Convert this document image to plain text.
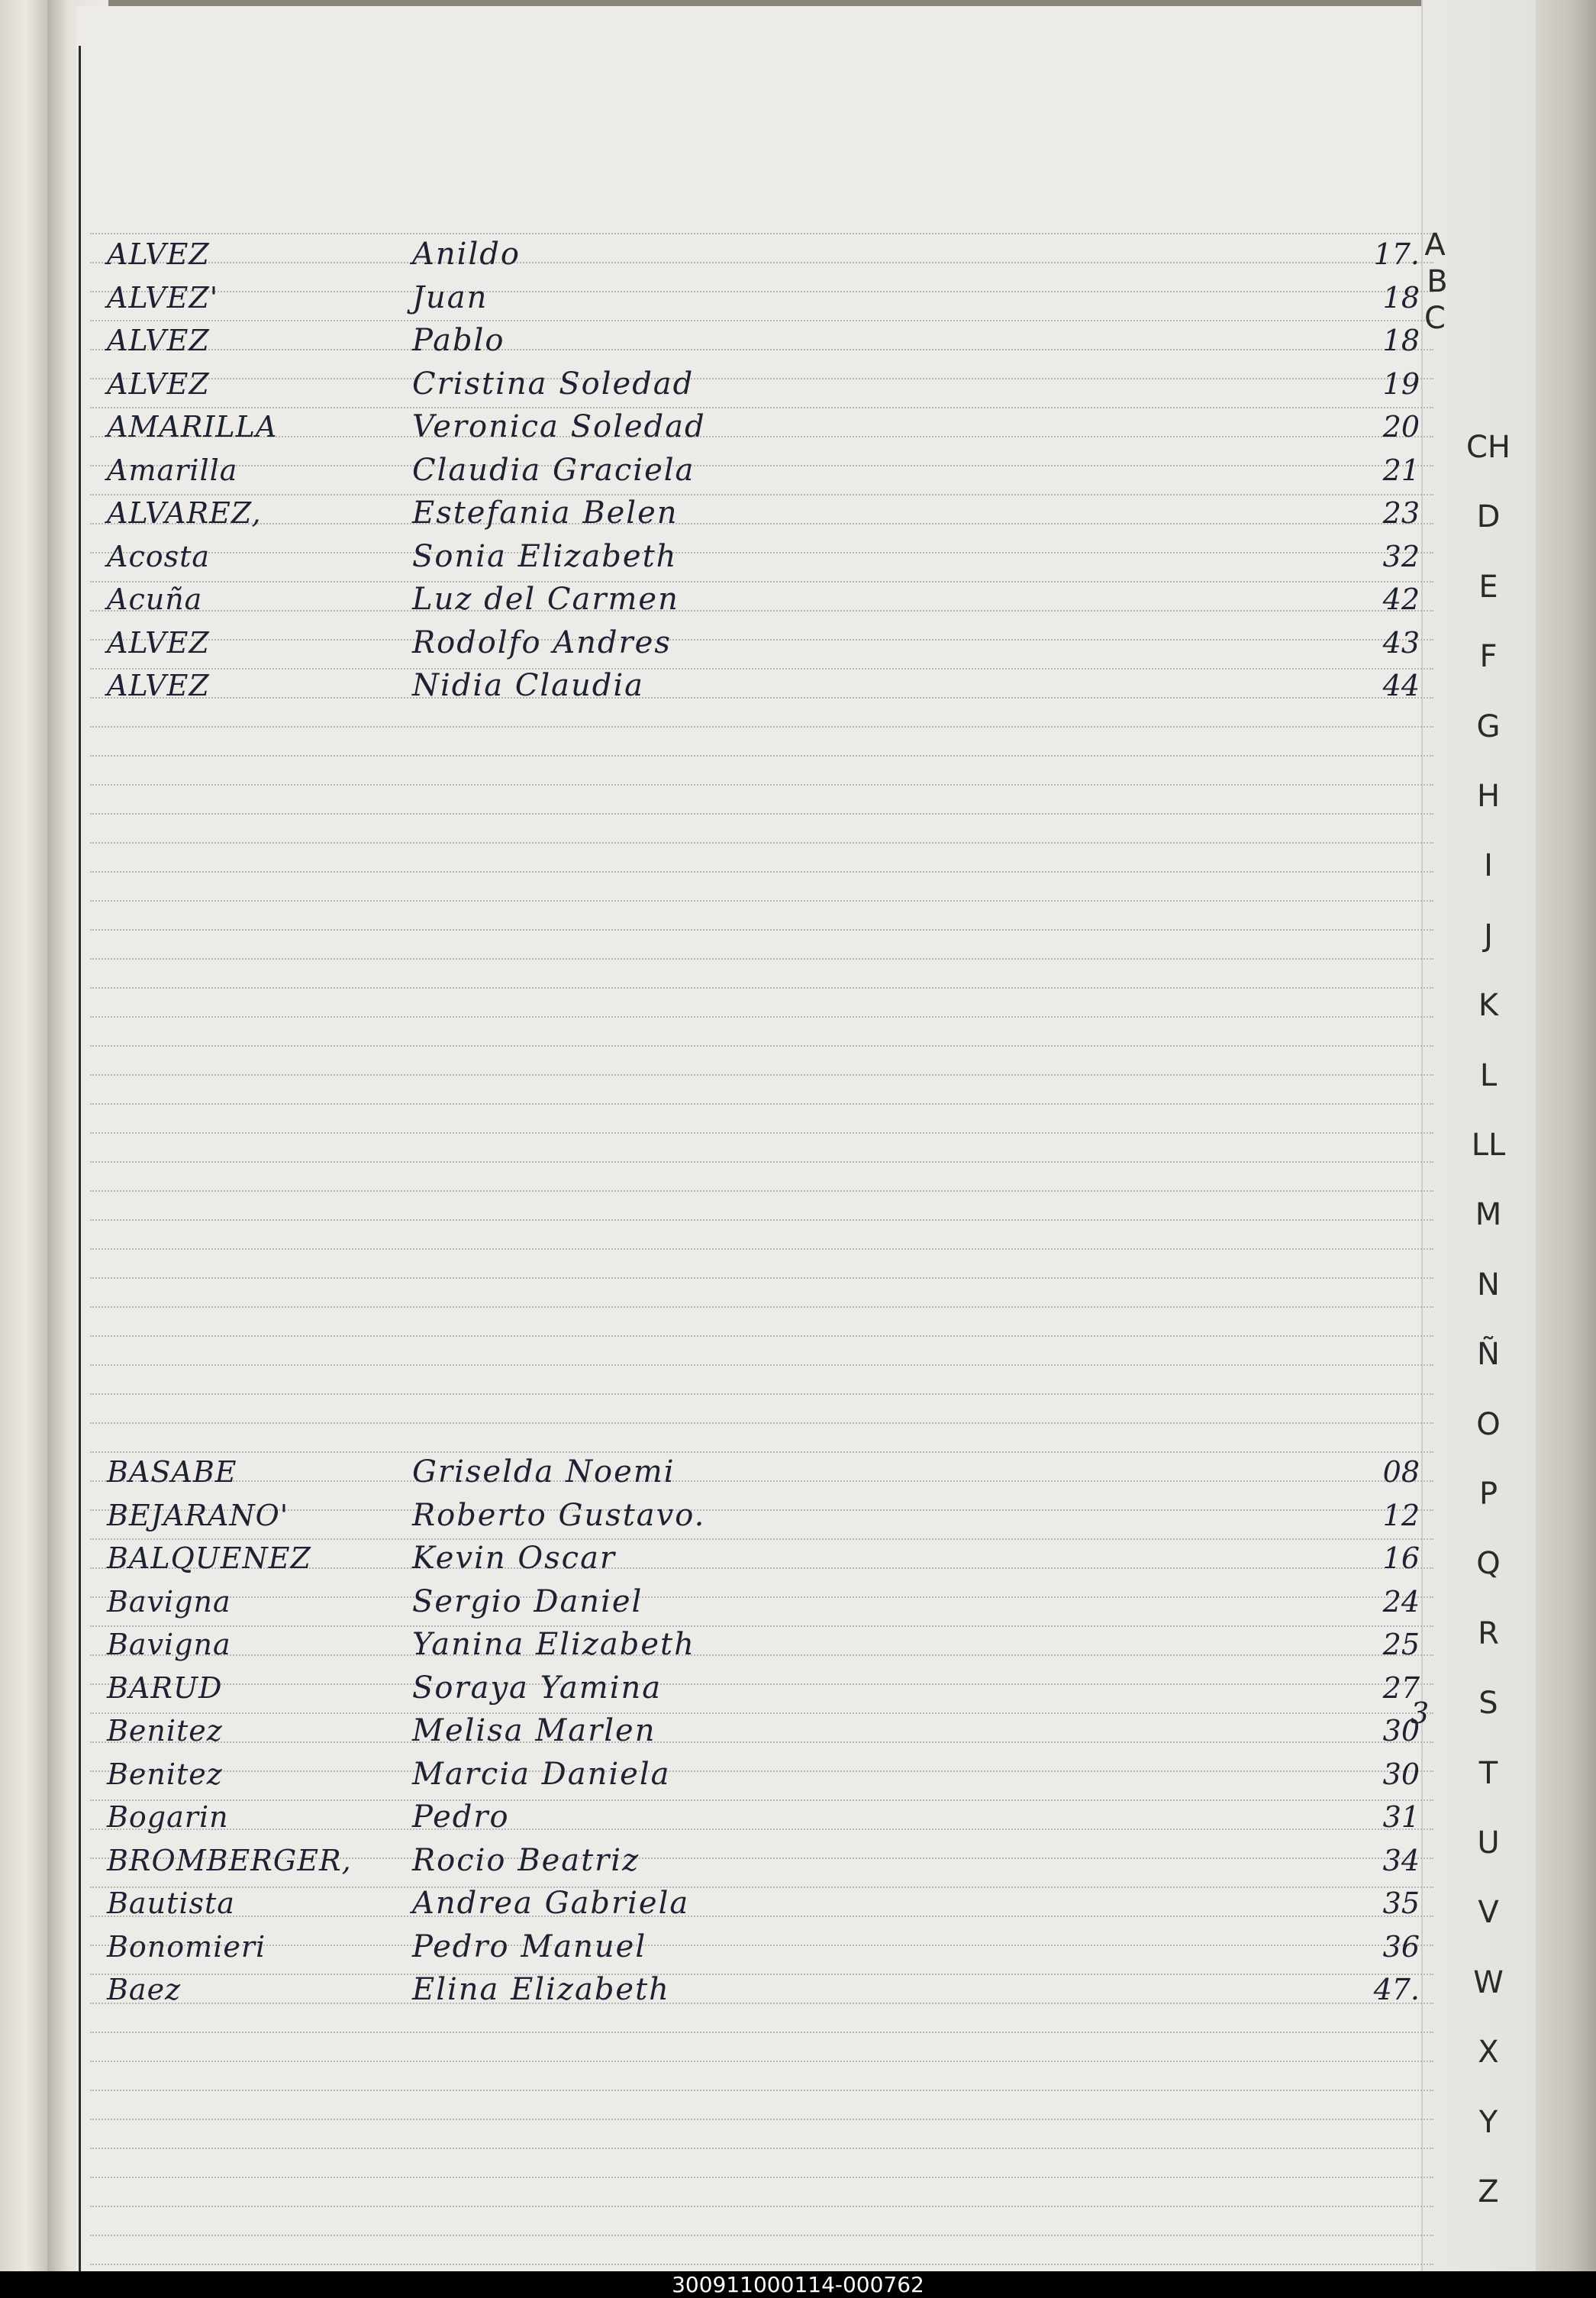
ALVEZ	Anildo	17.
ALVEZ'	Juan	18
ALVEZ	Pablo	18
ALVEZ	Cristina Soledad	19
AMARILLA	Veronica Soledad	20
Amarilla	Claudia Graciela	21
ALVAREZ,	Estefania Belen	23
Acosta	Sonia Elizabeth	32
Acuña	Luz del Carmen	42
ALVEZ	Rodolfo Andres	43
ALVEZ	Nidia Claudia	44
BASABE	Griselda Noemi	08
BEJARANO'	Roberto Gustavo.	12
BALQUENEZ	Kevin Oscar	16
Bavigna	Sergio Daniel	24
Bavigna	Yanina Elizabeth	25
BARUD	Soraya Yamina	27
Benitez	Melisa Marlen	30
Benitez	Marcia Daniela	30
Bogarin	Pedro	31
BROMBERGER, Rocio Beatriz	34
Bautista	Andrea Gabriela	35
Bonomieri	Pedro Manuel	36
Baez	Elina Elizabeth	47.
3
A
B
C
CH
D
E
F
G
H
I
J
K
L
LL
M
N
Ñ
O
P
Q
R
S
T
U
V
W
X
Y
Z
300911000114-000762
